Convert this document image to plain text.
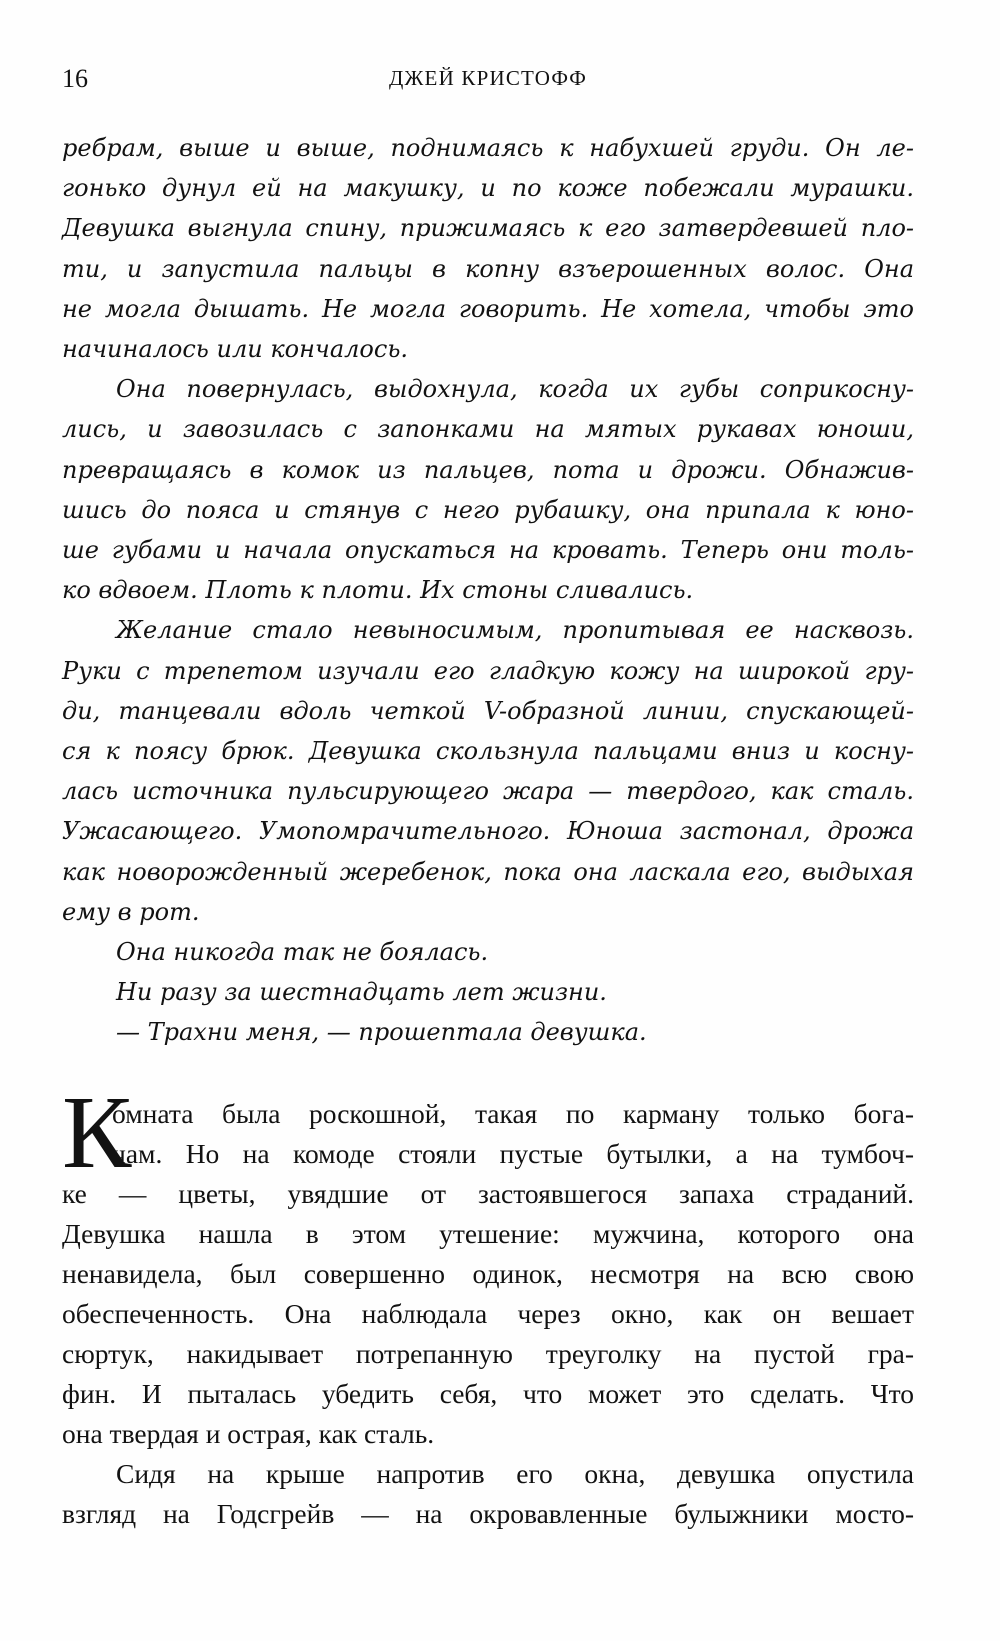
16	ДЖЕЙ КРИСТОФФ
ребрам, выше и выше, поднимаясь к набухшей груди. Он ле-
гонько дунул ей на макушку, и по коже побежали мурашки.
Девушка выгнула спину, прижимаясь к его затвердевшей пло-
ти, и запустила пальцы в копну взъерошенных волос. Она
не могла дышать. Не могла говорить. Не хотела, чтобы это
начиналось или кончалось.
Она повернулась, выдохнула, когда их губы соприкосну-
лись, и завозилась с запонками на мятых рукавах юноши,
превращаясь в комок из пальцев, пота и дрожи. Обнажив-
шись до пояса и стянув с него рубашку, она припала к юно-
ше губами и начала опускаться на кровать. Теперь они толь-
ко вдвоем. Плоть к плоти. Их стоны сливались.
Желание стало невыносимым, пропитывая ее насквозь.
Руки с трепетом изучали его гладкую кожу на широкой гру-
ди, танцевали вдоль четкой V-образной линии, спускающей-
ся к поясу брюк. Девушка скользнула пальцами вниз и косну-
лась источника пульсирующего жара — твердого, как сталь.
Ужасающего. Умопомрачительного. Юноша застонал, дрожа
как новорожденный жеребенок, пока она ласкала его, выдыхая
ему в рот.
Она никогда так не боялась.
Ни разу за шестнадцать лет жизни.
— Трахни меня, — прошептала девушка.
К
омната была роскошной, такая по карману только бога-
чам. Но на комоде стояли пустые бутылки, а на тумбоч-
ке — цветы, увядшие от застоявшегося запаха страданий.
Девушка нашла в этом утешение: мужчина, которого она
ненавидела, был совершенно одинок, несмотря на всю свою
обеспеченность. Она наблюдала через окно, как он вешает
сюртук, накидывает потрепанную треуголку на пустой гра-
фин. И пыталась убедить себя, что может это сделать. Что
она твердая и острая, как сталь.
Сидя на крыше напротив его окна, девушка опустила
взгляд на Годсгрейв — на окровавленные булыжники мосто-
